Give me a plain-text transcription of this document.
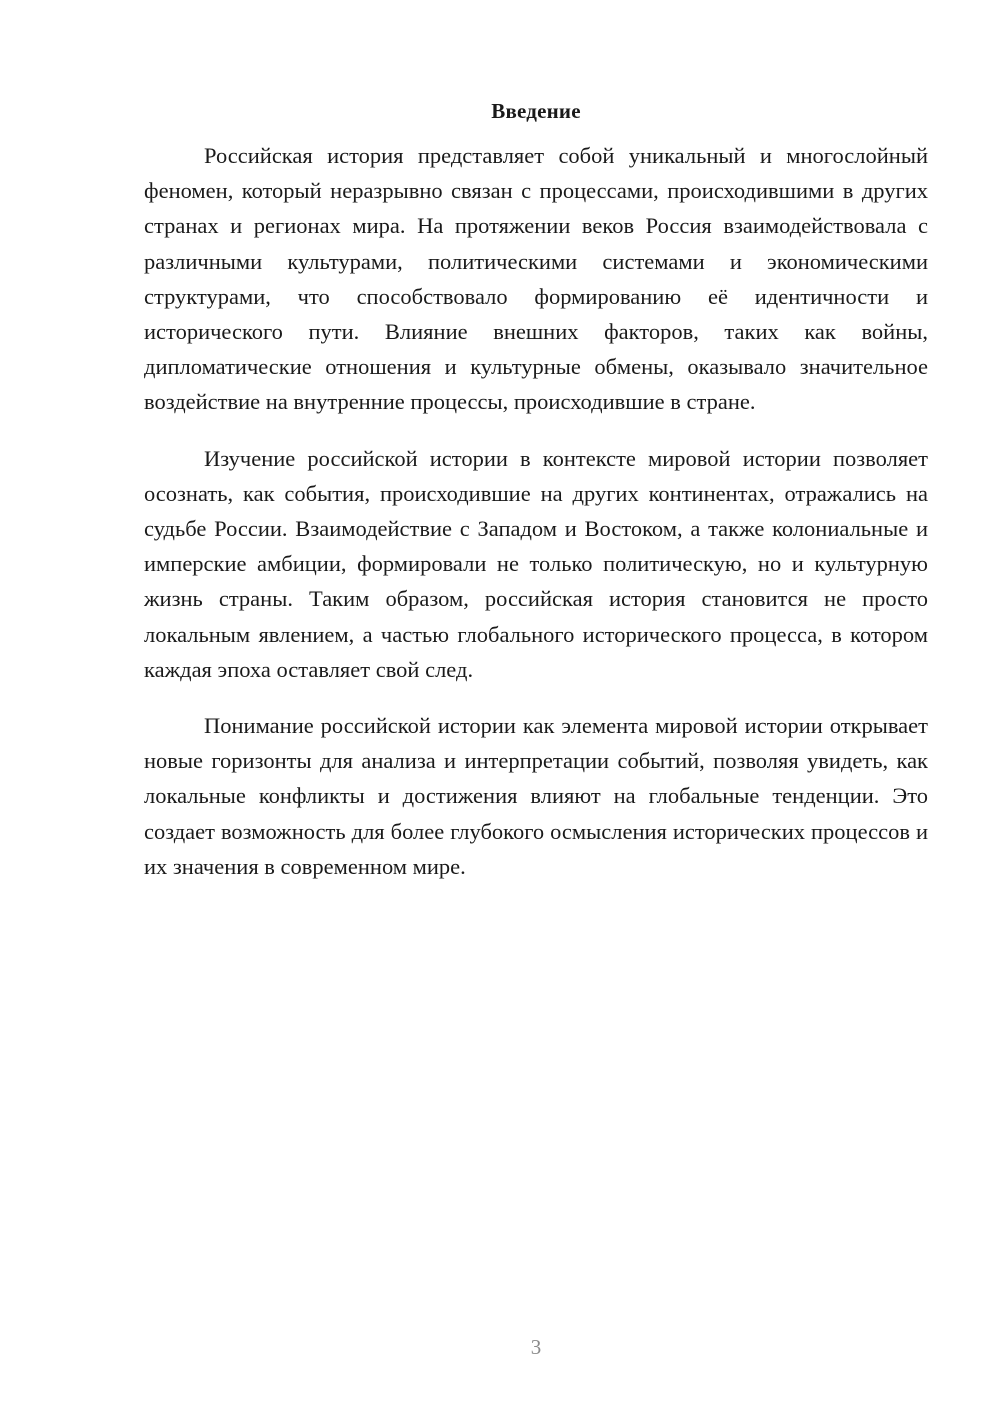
Введение

Российская история представляет собой уникальный и многослойный феномен, который неразрывно связан с процессами, происходившими в других странах и регионах мира. На протяжении веков Россия взаимодействовала с различными культурами, политическими системами и экономическими структурами, что способствовало формированию её идентичности и исторического пути. Влияние внешних факторов, таких как войны, дипломатические отношения и культурные обмены, оказывало значительное воздействие на внутренние процессы, происходившие в стране.

Изучение российской истории в контексте мировой истории позволяет осознать, как события, происходившие на других континентах, отражались на судьбе России. Взаимодействие с Западом и Востоком, а также колониальные и имперские амбиции, формировали не только политическую, но и культурную жизнь страны. Таким образом, российская история становится не просто локальным явлением, а частью глобального исторического процесса, в котором каждая эпоха оставляет свой след.

Понимание российской истории как элемента мировой истории открывает новые горизонты для анализа и интерпретации событий, позволяя увидеть, как локальные конфликты и достижения влияют на глобальные тенденции. Это создает возможность для более глубокого осмысления исторических процессов и их значения в современном мире.

3
